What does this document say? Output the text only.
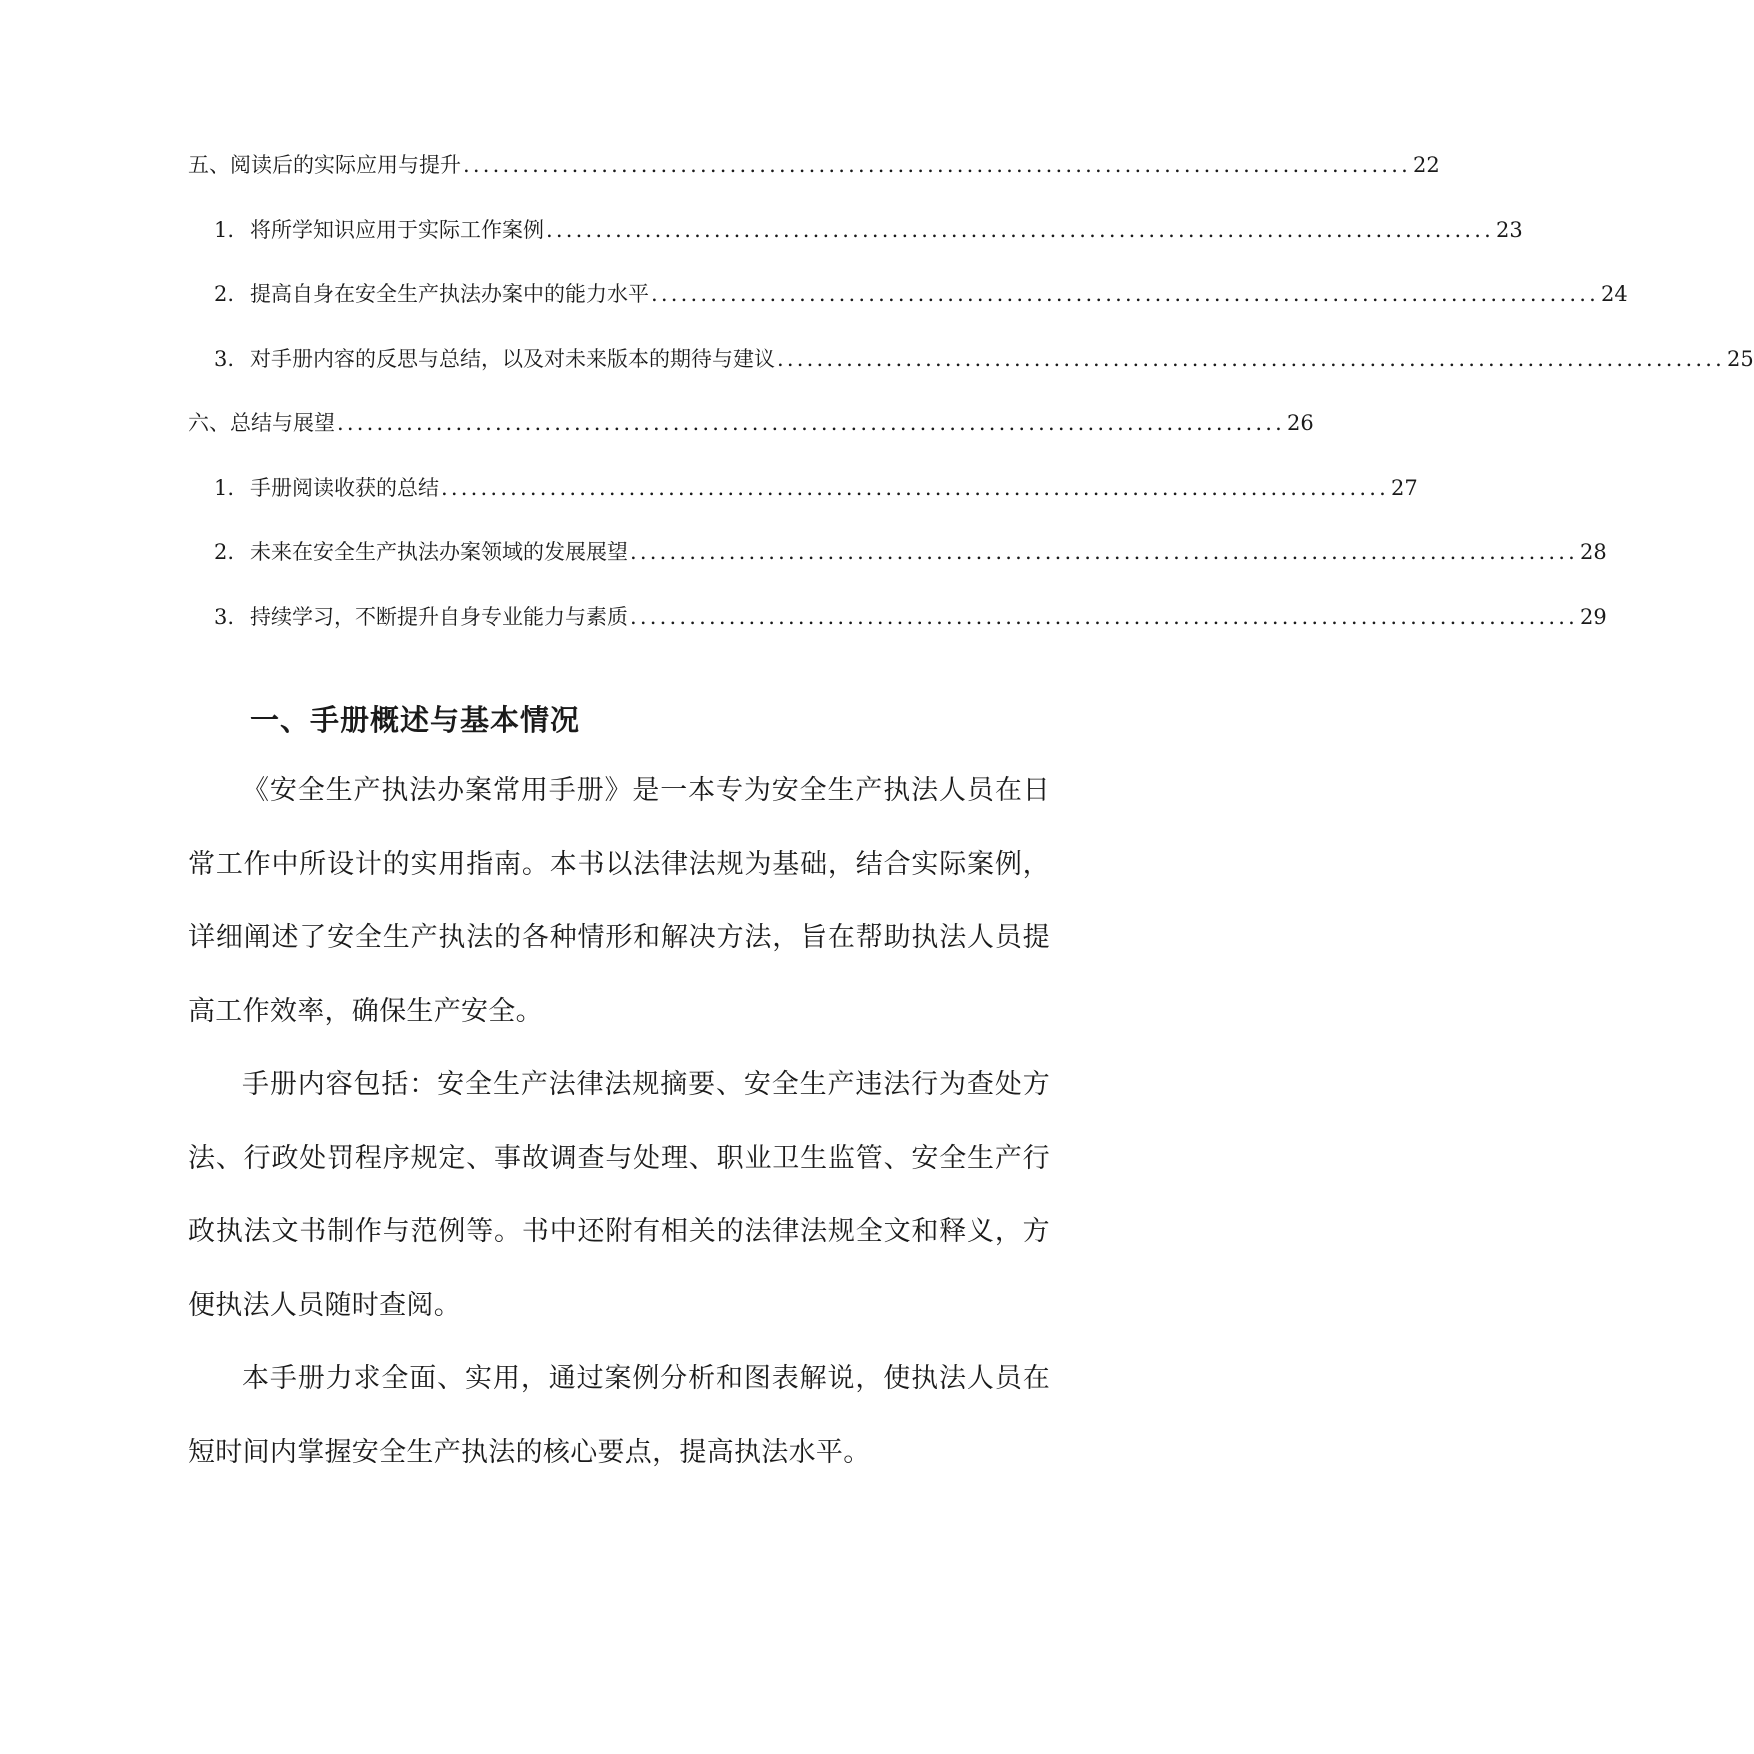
五、阅读后的实际应用与提升 ................................................................................................ 22
1. 将所学知识应用于实际工作案例 ................................................................................................ 23
2. 提高自身在安全生产执法办案中的能力水平 ................................................................................................ 24
3. 对手册内容的反思与总结，以及对未来版本的期待与建议 ................................................................................................ 25
六、总结与展望 ................................................................................................ 26
1. 手册阅读收获的总结 ................................................................................................ 27
2. 未来在安全生产执法办案领域的发展展望 ................................................................................................ 28
3. 持续学习，不断提升自身专业能力与素质 ................................................................................................ 29
一、手册概述与基本情况

《安全生产执法办案常用手册》是一本专为安全生产执法人员在日常工作中所设计的实用指南。本书以法律法规为基础，结合实际案例，详细阐述了安全生产执法的各种情形和解决方法，旨在帮助执法人员提高工作效率，确保生产安全。

手册内容包括：安全生产法律法规摘要、安全生产违法行为查处方法、行政处罚程序规定、事故调查与处理、职业卫生监管、安全生产行政执法文书制作与范例等。书中还附有相关的法律法规全文和释义，方便执法人员随时查阅。

本手册力求全面、实用，通过案例分析和图表解说，使执法人员在短时间内掌握安全生产执法的核心要点，提高执法水平。
